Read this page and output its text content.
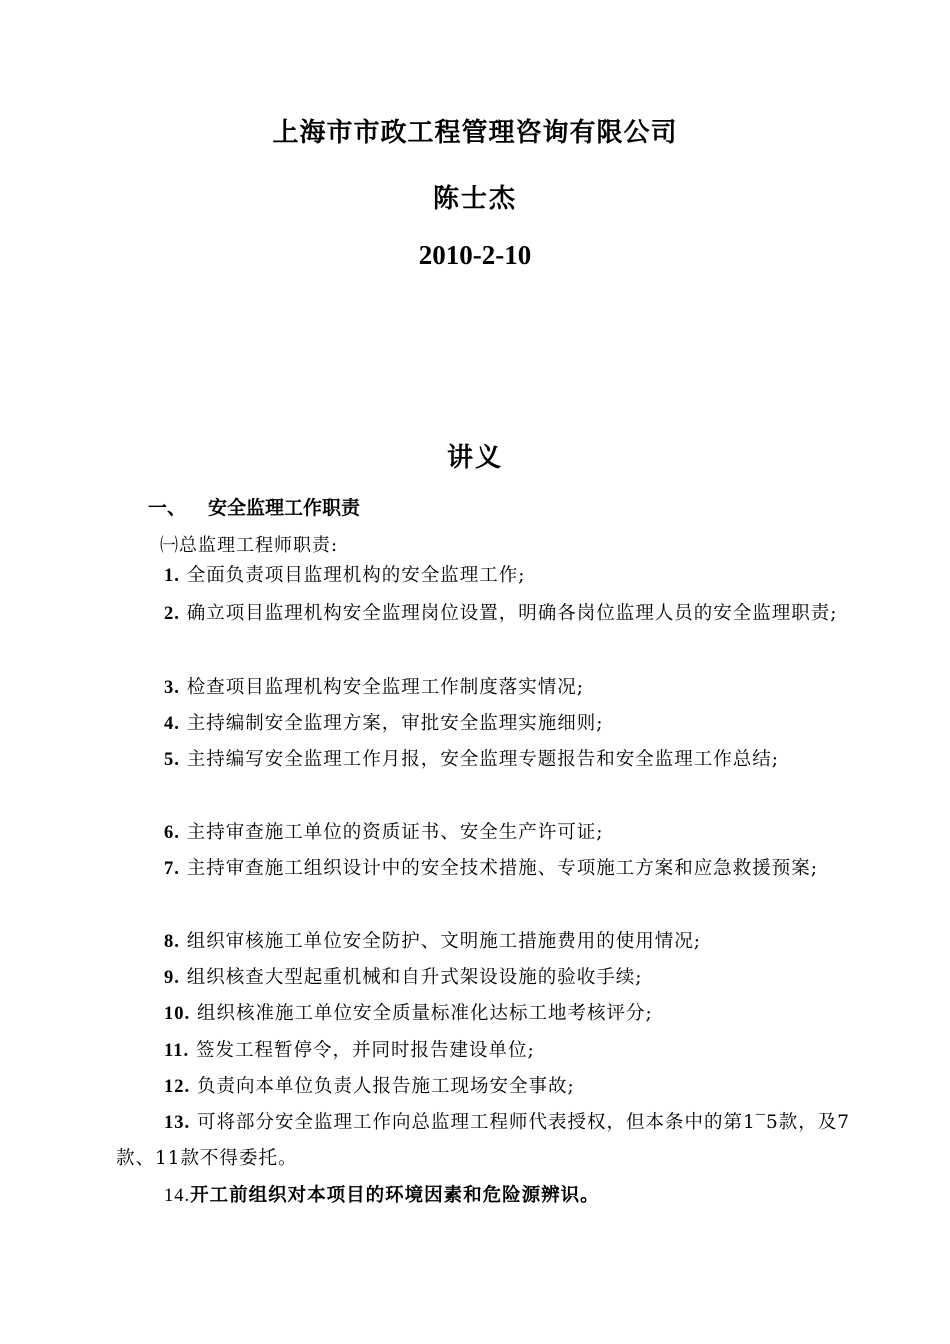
上海市市政工程管理咨询有限公司
陈士杰
2010-2-10
讲义
一、 安全监理工作职责
㈠总监理工程师职责:
1. 全面负责项目监理机构的安全监理工作;
2. 确立项目监理机构安全监理岗位设置，明确各岗位监理人员的安全监理职责;
3. 检查项目监理机构安全监理工作制度落实情况;
4. 主持编制安全监理方案，审批安全监理实施细则;
5. 主持编写安全监理工作月报，安全监理专题报告和安全监理工作总结;
6. 主持审查施工单位的资质证书、安全生产许可证;
7. 主持审查施工组织设计中的安全技术措施、专项施工方案和应急救援预案;
8. 组织审核施工单位安全防护、文明施工措施费用的使用情况;
9. 组织核查大型起重机械和自升式架设设施的验收手续;
10. 组织核准施工单位安全质量标准化达标工地考核评分;
11. 签发工程暂停令，并同时报告建设单位;
12. 负责向本单位负责人报告施工现场安全事故;
13. 可将部分安全监理工作向总监理工程师代表授权，但本条中的第1‾5款，及7款、11款不得委托。
14.开工前组织对本项目的环境因素和危险源辨识。
